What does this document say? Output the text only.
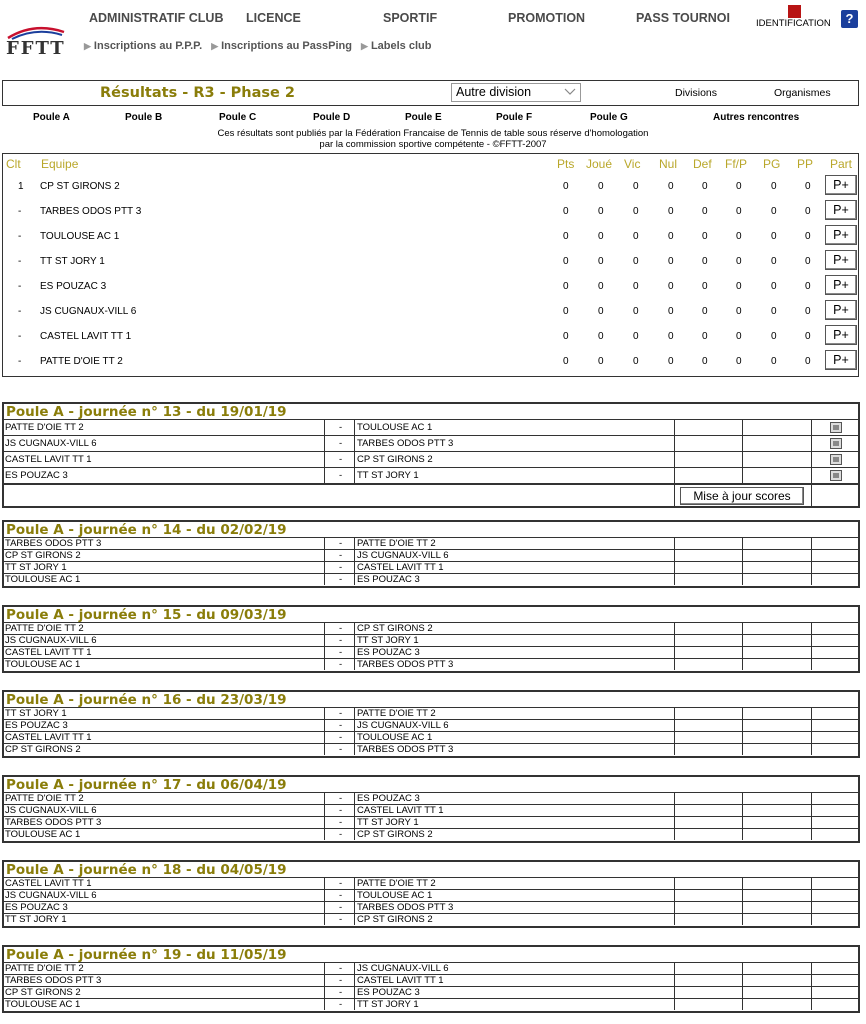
FFTT
ADMINISTRATIF CLUB LICENCE	SPORTIF	PROMOTION	PASS TOURNOI
▶ Inscriptions au P.P.P. ▶ Inscriptions au PassPing ▶ Labels club
IDENTIFICATION	?
Résultats - R3 - Phase 2	Autre division	Divisions	Organismes
Poule A	Poule B	Poule C	Poule D	Poule E	Poule F	Poule G	Autres rencontres
Ces résultats sont publiés par la Fédération Francaise de Tennis de table sous réserve d'homologation
par la commission sportive compétente - ©FFTT-2007
Clt Equipe	Pts Joué Vic Nul Def Ff/P PG PP Part
1 CP ST GIRONS 2	0	0	0	0	0	0	0	0	P+
- TARBES ODOS PTT 3	0	0	0	0	0	0	0	0	P+
- TOULOUSE AC 1	0	0	0	0	0	0	0	0	P+
- TT ST JORY 1	0	0	0	0	0	0	0	0	P+
- ES POUZAC 3	0	0	0	0	0	0	0	0	P+
- JS CUGNAUX-VILL 6	0	0	0	0	0	0	0	0	P+
- CASTEL LAVIT TT 1	0	0	0	0	0	0	0	0	P+
- PATTE D'OIE TT 2	0	0	0	0	0	0	0	0	P+
Poule A - journée n° 13 - du 19/01/19
PATTE D'OIE TT 2	- TOULOUSE AC 1
JS CUGNAUX-VILL 6	- TARBES ODOS PTT 3
CASTEL LAVIT TT 1	- CP ST GIRONS 2
ES POUZAC 3	- TT ST JORY 1
Mise à jour scores
Poule A - journée n° 14 - du 02/02/19
TARBES ODOS PTT 3	- PATTE D'OIE TT 2
CP ST GIRONS 2	- JS CUGNAUX-VILL 6
TT ST JORY 1	- CASTEL LAVIT TT 1
TOULOUSE AC 1	- ES POUZAC 3
Poule A - journée n° 15 - du 09/03/19
PATTE D'OIE TT 2	- CP ST GIRONS 2
JS CUGNAUX-VILL 6	- TT ST JORY 1
CASTEL LAVIT TT 1	- ES POUZAC 3
TOULOUSE AC 1	- TARBES ODOS PTT 3
Poule A - journée n° 16 - du 23/03/19
TT ST JORY 1	- PATTE D'OIE TT 2
ES POUZAC 3	- JS CUGNAUX-VILL 6
CASTEL LAVIT TT 1	- TOULOUSE AC 1
CP ST GIRONS 2	- TARBES ODOS PTT 3
Poule A - journée n° 17 - du 06/04/19
PATTE D'OIE TT 2	- ES POUZAC 3
JS CUGNAUX-VILL 6	- CASTEL LAVIT TT 1
TARBES ODOS PTT 3	- TT ST JORY 1
TOULOUSE AC 1	- CP ST GIRONS 2
Poule A - journée n° 18 - du 04/05/19
CASTEL LAVIT TT 1	- PATTE D'OIE TT 2
JS CUGNAUX-VILL 6	- TOULOUSE AC 1
ES POUZAC 3	- TARBES ODOS PTT 3
TT ST JORY 1	- CP ST GIRONS 2
Poule A - journée n° 19 - du 11/05/19
PATTE D'OIE TT 2	- JS CUGNAUX-VILL 6
TARBES ODOS PTT 3	- CASTEL LAVIT TT 1
CP ST GIRONS 2	- ES POUZAC 3
TOULOUSE AC 1	- TT ST JORY 1
